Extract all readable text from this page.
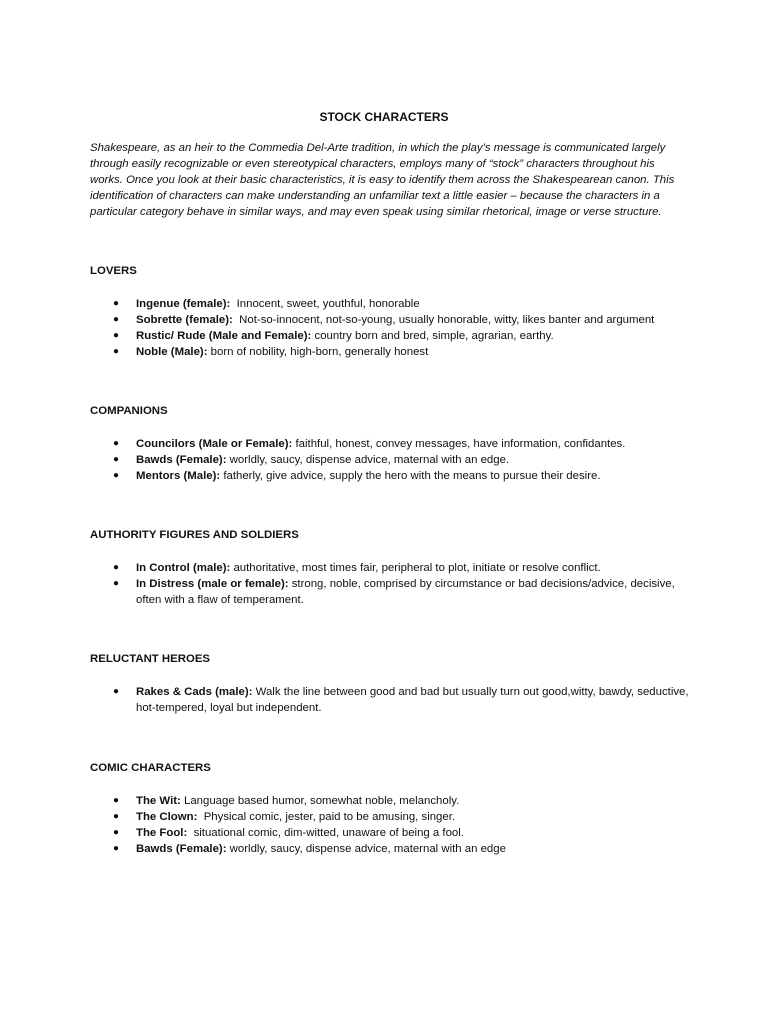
STOCK CHARACTERS

Shakespeare, as an heir to the Commedia Del-Arte tradition, in which the play’s message is communicated largely through easily recognizable or even stereotypical characters, employs many of “stock” characters throughout his works. Once you look at their basic characteristics, it is easy to identify them across the Shakespearean canon. This identification of characters can make understanding an unfamiliar text a little easier – because the characters in a particular category behave in similar ways, and may even speak using similar rhetorical, image or verse structure.

LOVERS
● Ingenue (female):  Innocent, sweet, youthful, honorable
● Sobrette (female):  Not-so-innocent, not-so-young, usually honorable, witty, likes banter and argument
● Rustic/ Rude (Male and Female): country born and bred, simple, agrarian, earthy.
● Noble (Male): born of nobility, high-born, generally honest
COMPANIONS
● Councilors (Male or Female): faithful, honest, convey messages, have information, confidantes.
● Bawds (Female): worldly, saucy, dispense advice, maternal with an edge.
● Mentors (Male): fatherly, give advice, supply the hero with the means to pursue their desire.
AUTHORITY FIGURES AND SOLDIERS
● In Control (male): authoritative, most times fair, peripheral to plot, initiate or resolve conflict.
● In Distress (male or female): strong, noble, comprised by circumstance or bad decisions/advice, decisive, often with a flaw of temperament.
RELUCTANT HEROES
● Rakes & Cads (male): Walk the line between good and bad but usually turn out good,witty, bawdy, seductive, hot-tempered, loyal but independent.
COMIC CHARACTERS
● The Wit: Language based humor, somewhat noble, melancholy.
● The Clown:  Physical comic, jester, paid to be amusing, singer.
● The Fool:  situational comic, dim-witted, unaware of being a fool.
● Bawds (Female): worldly, saucy, dispense advice, maternal with an edge
